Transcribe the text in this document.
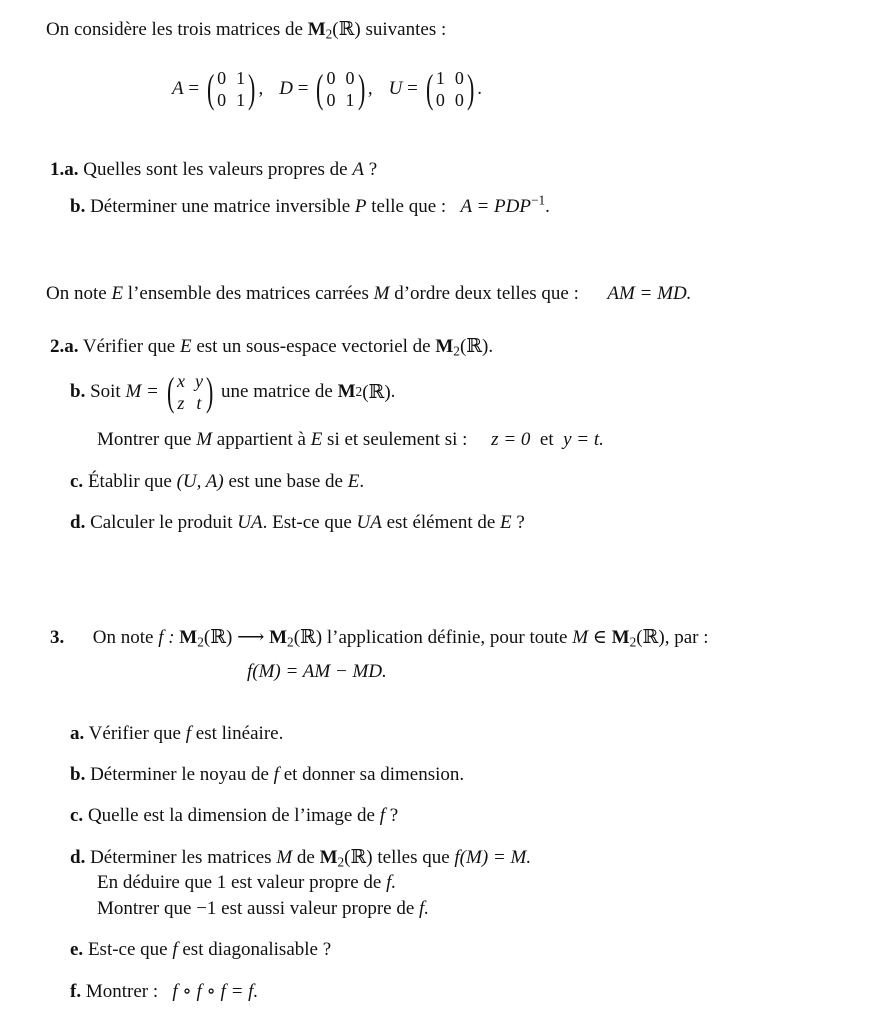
On considère les trois matrices de $M_2(ℝ)$ suivantes :
A = ( 0 1
0 1 ) , D = ( 0 0
0 1 ) , U = ( 1 0
0 0 ) .
1.a. Quelles sont les valeurs propres de A ?
b. Déterminer une matrice inversible P telle que : $A = PDP^{-1}$.
On note E l’ensemble des matrices carrées M d’ordre deux telles que : AM = MD.
2.a. Vérifier que E est un sous-espace vectoriel de $M_2(ℝ)$.
b.
Soit
M =
( x y
z t )
une matrice de
M 2 (ℝ) .
Montrer que M appartient à E si et seulement si : z = 0 et y = t.
c. Établir que (U, A) est une base de E.
d. Calculer le produit UA. Est-ce que UA est élément de E ?
3. On note f : $M_2(ℝ)$ ⟶ $M_2(ℝ)$ l’application définie, pour toute M ∈ $M_2(ℝ)$, par :
f(M) = AM − MD.
a. Vérifier que f est linéaire.
b. Déterminer le noyau de f et donner sa dimension.
c. Quelle est la dimension de l’image de f ?
d. Déterminer les matrices M de $M_2(ℝ)$ telles que f(M) = M.
En déduire que 1 est valeur propre de f.
Montrer que −1 est aussi valeur propre de f.
e. Est-ce que f est diagonalisable ?
f. Montrer : f ∘ f ∘ f = f.
